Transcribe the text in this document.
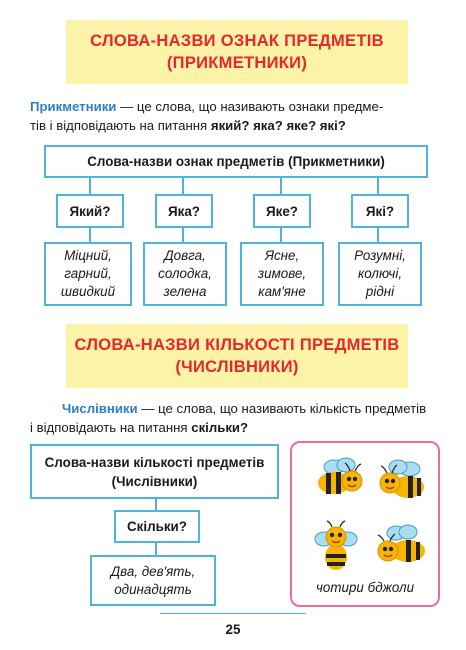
СЛОВА-НАЗВИ ОЗНАК ПРЕДМЕТІВ
(ПРИКМЕТНИКИ)
Прикметники — це слова, що називають ознаки предме-
тів і відповідають на питання який? яка? яке? які?
Слова-назви ознак предметів (Прикметники)
Який?	Яка?	Яке?	Які?
Міцний,
гарний,
швидкий
Довга,
солодка,
зелена
Ясне,
зимове,
кам'яне
Розумні,
колючі,
рідні
СЛОВА-НАЗВИ КІЛЬКОСТІ ПРЕДМЕТІВ
(ЧИСЛІВНИКИ)
Числівники — це слова, що називають кількість предметів
і відповідають на питання скільки?
Слова-назви кількості предметів
(Числівники)
Скільки?
Два, дев'ять,
одинадцять	чотири бджоли
25
